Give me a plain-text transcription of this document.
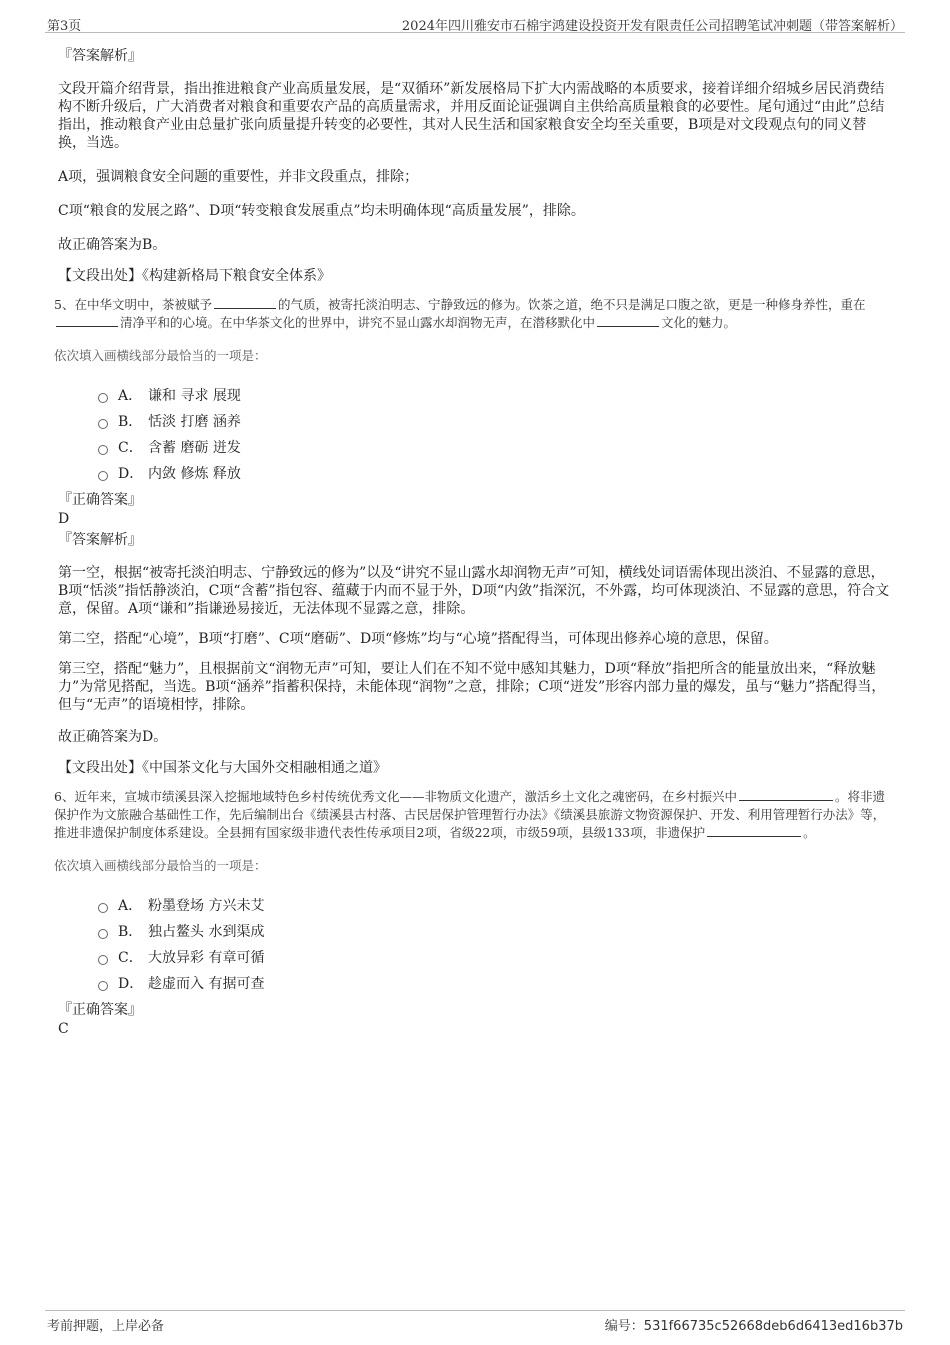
第3页	2024年四川雅安市石棉宇鸿建设投资开发有限责任公司招聘笔试冲刺题（带答案解析）
『答案解析』

文段开篇介绍背景，指出推进粮食产业高质量发展，是“双循环”新发展格局下扩大内需战略的本质要求，接着详细介绍城乡居民消费结构不断升级后，广大消费者对粮食和重要农产品的高质量需求，并用反面论证强调自主供给高质量粮食的必要性。尾句通过“由此”总结指出，推动粮食产业由总量扩张向质量提升转变的必要性，其对人民生活和国家粮食安全均至关重要，B项是对文段观点句的同义替换，当选。

A项，强调粮食安全问题的重要性，并非文段重点，排除；

C项“粮食的发展之路”、D项“转变粮食发展重点”均未明确体现“高质量发展”，排除。

故正确答案为B。

【文段出处】《构建新格局下粮食安全体系》
5、在中华文明中，茶被赋予	的气质，被寄托淡泊明志、宁静致远的修为。饮茶之道，绝不只是满足口腹之欲，更是一种修身养性，重在清净平和的心境。在中华茶文化的世界中，讲究不显山露水却润物无声，在潜移默化中	文化的魅力。
依次填入画横线部分最恰当的一项是：
A． 谦和 寻求 展现
B． 恬淡 打磨 涵养
C． 含蓄 磨砺 迸发
D． 内敛 修炼 释放
『正确答案』
D
『答案解析』

第一空，根据“被寄托淡泊明志、宁静致远的修为”以及“讲究不显山露水却润物无声”可知，横线处词语需体现出淡泊、不显露的意思，B项“恬淡”指恬静淡泊，C项“含蓄”指包容、蕴藏于内而不显于外，D项“内敛”指深沉，不外露，均可体现淡泊、不显露的意思，符合文意，保留。A项“谦和”指谦逊易接近，无法体现不显露之意，排除。

第二空，搭配“心境”，B项“打磨”、C项“磨砺”、D项“修炼”均与“心境”搭配得当，可体现出修养心境的意思，保留。

第三空，搭配“魅力”，且根据前文“润物无声”可知，要让人们在不知不觉中感知其魅力，D项“释放”指把所含的能量放出来，“释放魅力”为常见搭配，当选。B项“涵养”指蓄积保持，未能体现“润物”之意，排除；C项“迸发”形容内部力量的爆发，虽与“魅力”搭配得当，但与“无声”的语境相悖，排除。

故正确答案为D。

【文段出处】《中国茶文化与大国外交相融相通之道》
6、近年来，宣城市绩溪县深入挖掘地域特色乡村传统优秀文化——非物质文化遗产，激活乡土文化之魂密码，在乡村振兴中	。将非遗保护作为文旅融合基础性工作，先后编制出台《绩溪县古村落、古民居保护管理暂行办法》《绩溪县旅游文物资源保护、开发、利用管理暂行办法》等，推进非遗保护制度体系建设。全县拥有国家级非遗代表性传承项目2项，省级22项，市级59项，县级133项，非遗保护	。
依次填入画横线部分最恰当的一项是：
A． 粉墨登场 方兴未艾
B． 独占鳌头 水到渠成
C． 大放异彩 有章可循
D． 趁虚而入 有据可查
『正确答案』
C
考前押题，上岸必备	编号：531f66735c52668deb6d6413ed16b37b
